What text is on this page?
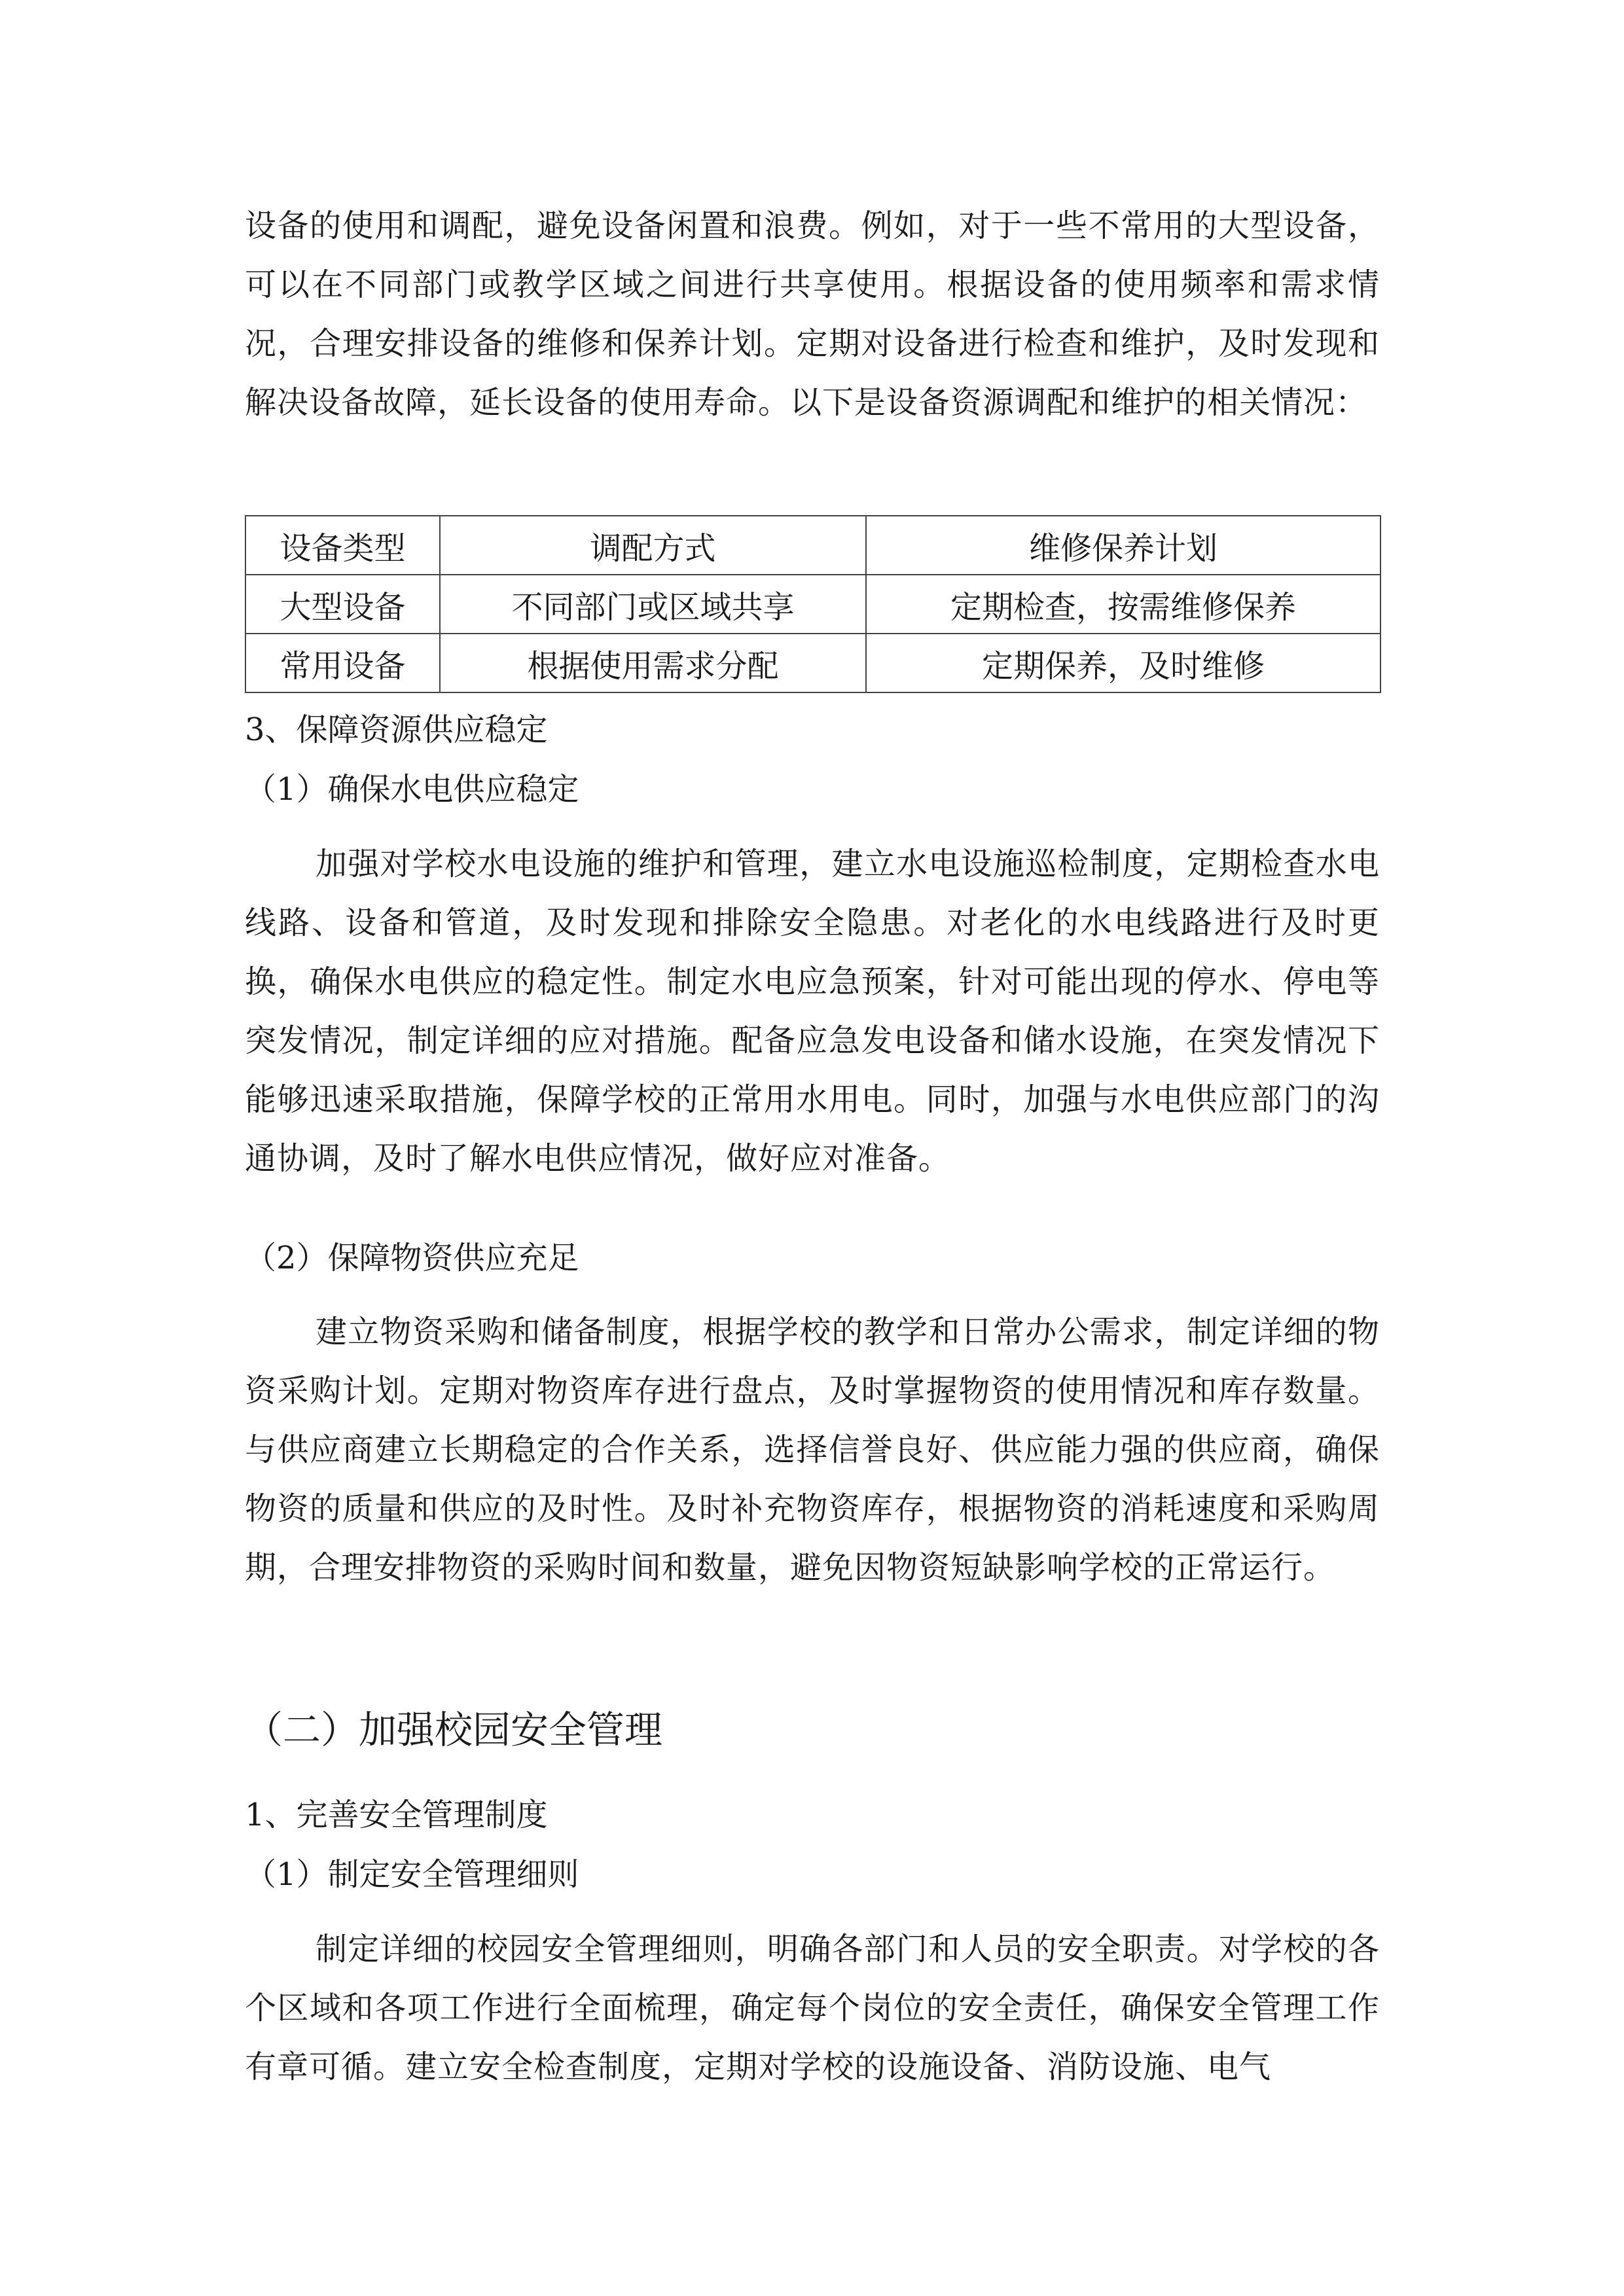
设备的使用和调配，避免设备闲置和浪费。例如，对于一些不常用的大型设备，可以在不同部门或教学区域之间进行共享使用。根据设备的使用频率和需求情况，合理安排设备的维修和保养计划。定期对设备进行检查和维护，及时发现和解决设备故障，延长设备的使用寿命。以下是设备资源调配和维护的相关情况：

设备类型	调配方式	维修保养计划
大型设备	不同部门或区域共享	定期检查，按需维修保养
常用设备	根据使用需求分配	定期保养，及时维修

3、保障资源供应稳定

（1）确保水电供应稳定

加强对学校水电设施的维护和管理，建立水电设施巡检制度，定期检查水电线路、设备和管道，及时发现和排除安全隐患。对老化的水电线路进行及时更换，确保水电供应的稳定性。制定水电应急预案，针对可能出现的停水、停电等突发情况，制定详细的应对措施。配备应急发电设备和储水设施，在突发情况下能够迅速采取措施，保障学校的正常用水用电。同时，加强与水电供应部门的沟通协调，及时了解水电供应情况，做好应对准备。

（2）保障物资供应充足

建立物资采购和储备制度，根据学校的教学和日常办公需求，制定详细的物资采购计划。定期对物资库存进行盘点，及时掌握物资的使用情况和库存数量。与供应商建立长期稳定的合作关系，选择信誉良好、供应能力强的供应商，确保物资的质量和供应的及时性。及时补充物资库存，根据物资的消耗速度和采购周期，合理安排物资的采购时间和数量，避免因物资短缺影响学校的正常运行。

（二）加强校园安全管理

1、完善安全管理制度

（1）制定安全管理细则

制定详细的校园安全管理细则，明确各部门和人员的安全职责。对学校的各个区域和各项工作进行全面梳理，确定每个岗位的安全责任，确保安全管理工作有章可循。建立安全检查制度，定期对学校的设施设备、消防设施、电气
